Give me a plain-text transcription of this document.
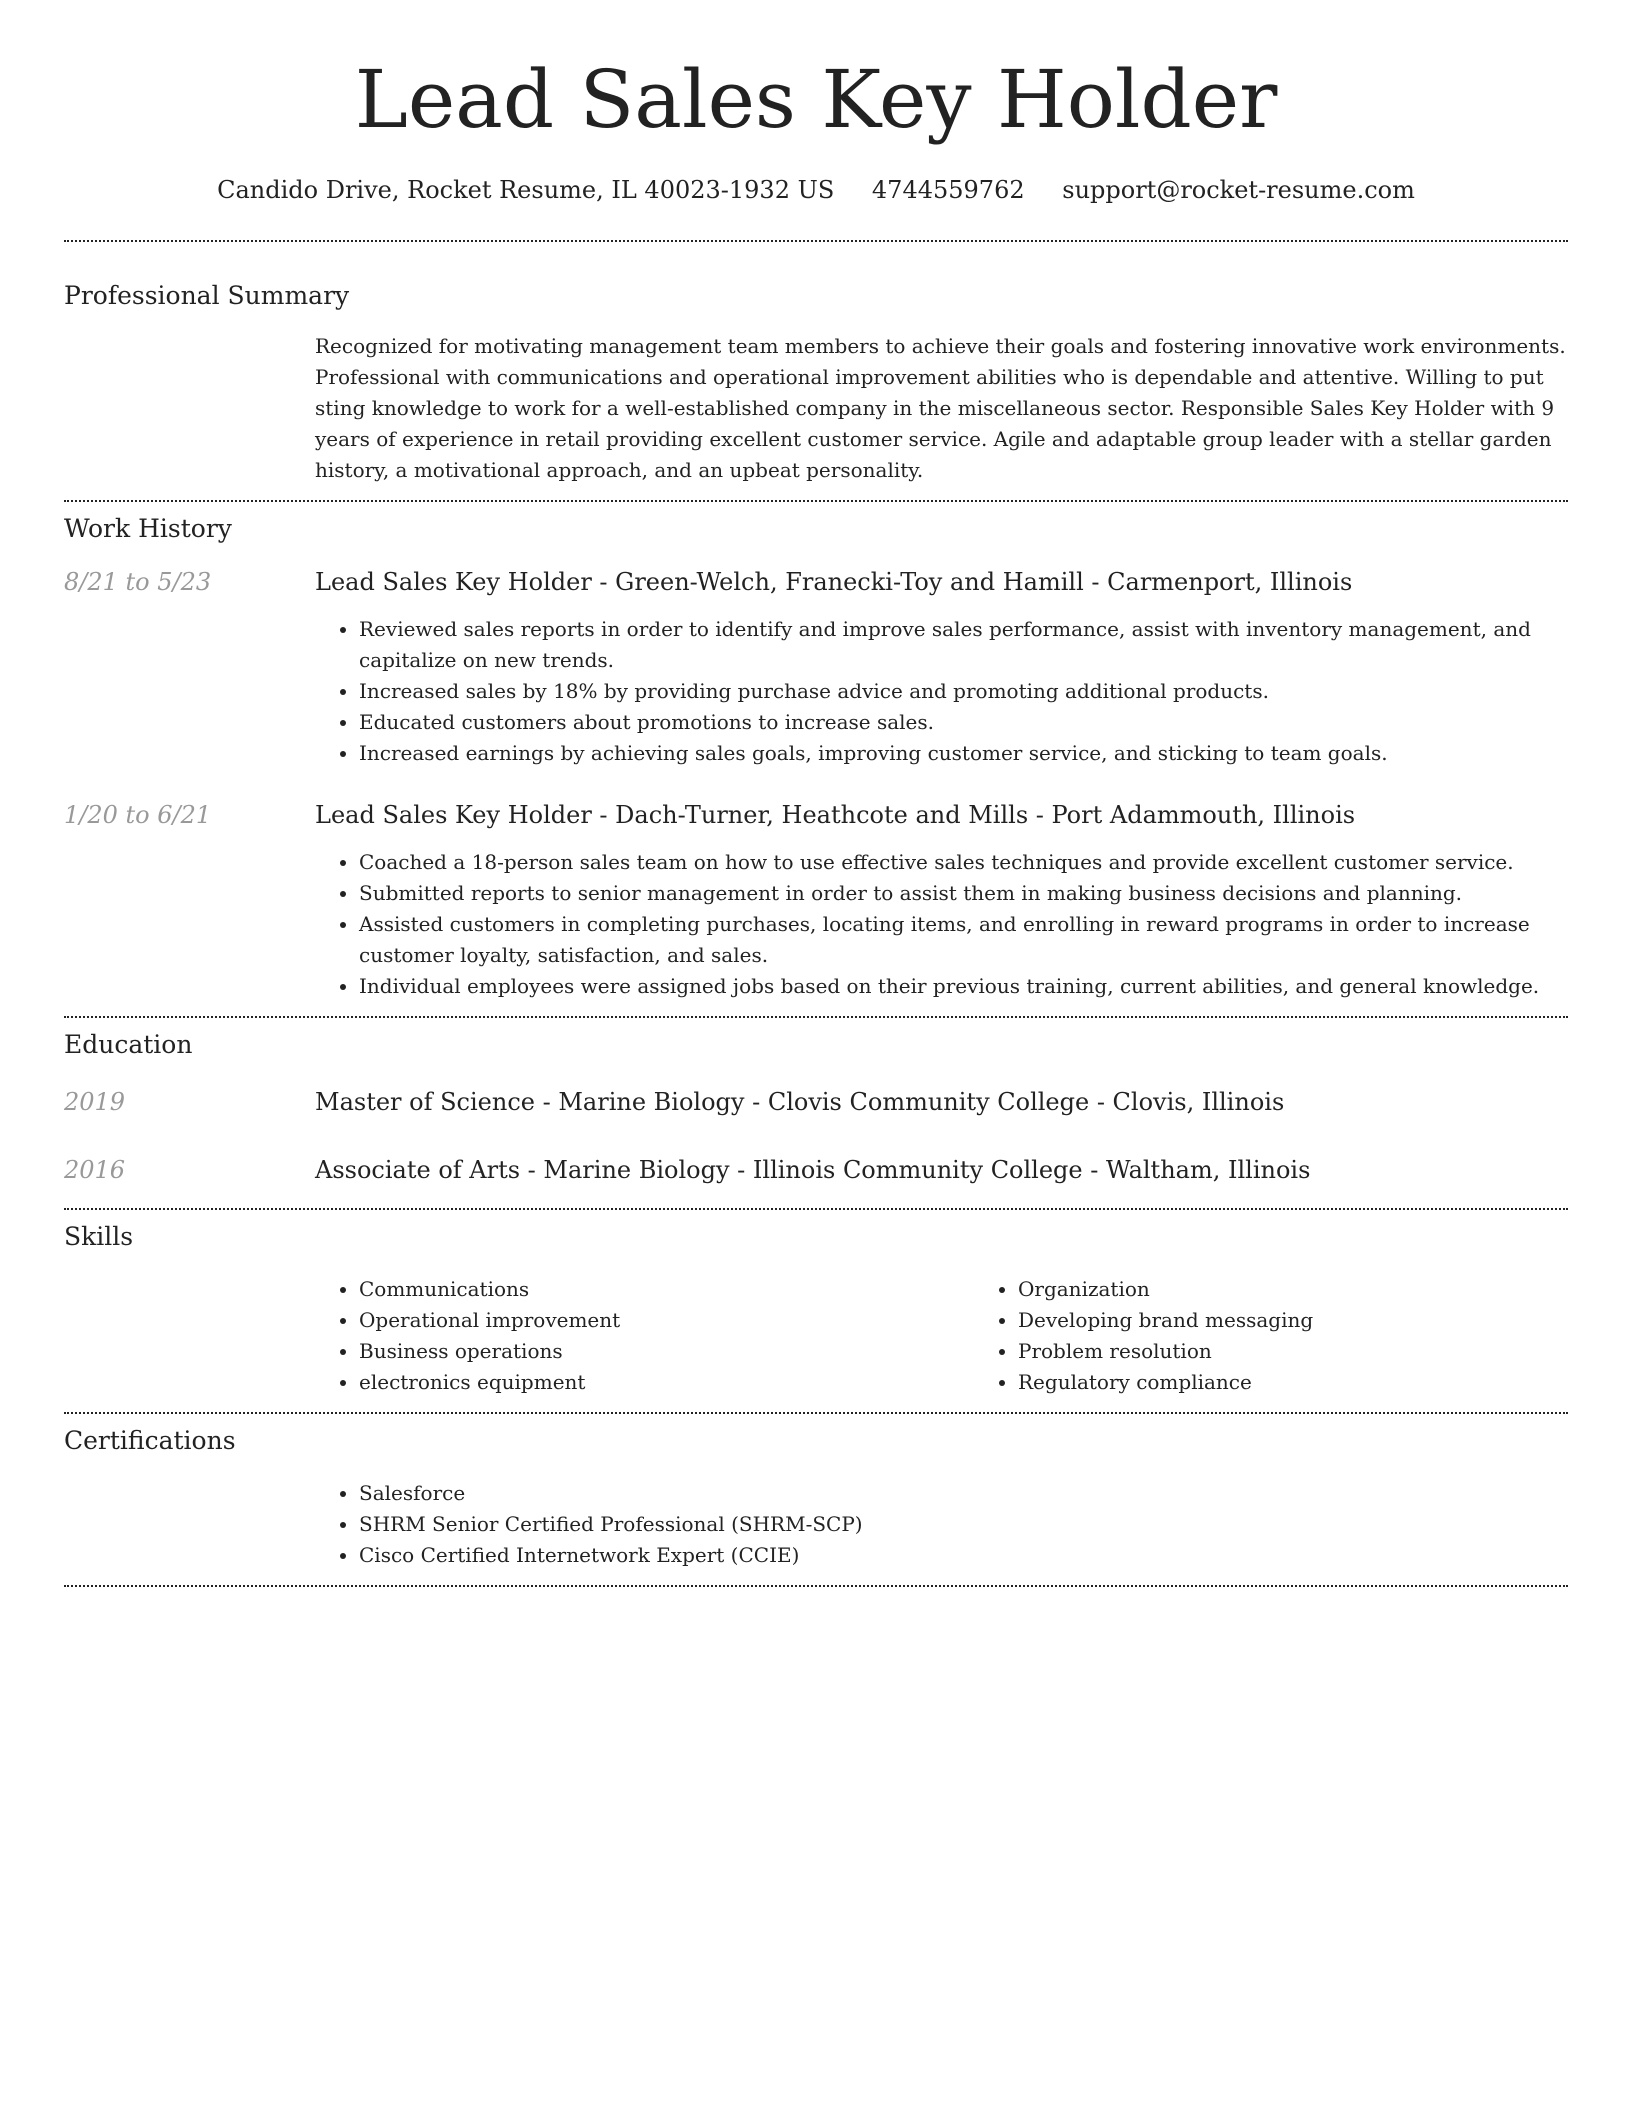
Lead Sales Key Holder
Candido Drive, Rocket Resume, IL 40023-1932 US 4744559762 support@rocket-resume.com
Professional Summary

Recognized for motivating management team members to achieve their goals and fostering innovative work environments. Professional with communications and operational improvement abilities who is dependable and attentive. Willing to put sting knowledge to work for a well-established company in the miscellaneous sector. Responsible Sales Key Holder with 9 years of experience in retail providing excellent customer service. Agile and adaptable group leader with a stellar garden history, a motivational approach, and an upbeat personality.

Work History
8/21 to 5/23	Lead Sales Key Holder - Green-Welch, Franecki-Toy and Hamill - Carmenport, Illinois
• Reviewed sales reports in order to identify and improve sales performance, assist with inventory management, and capitalize on new trends.
• Increased sales by 18% by providing purchase advice and promoting additional products.
• Educated customers about promotions to increase sales.
• Increased earnings by achieving sales goals, improving customer service, and sticking to team goals.
1/20 to 6/21	Lead Sales Key Holder - Dach-Turner, Heathcote and Mills - Port Adammouth, Illinois
• Coached a 18-person sales team on how to use effective sales techniques and provide excellent customer service.
• Submitted reports to senior management in order to assist them in making business decisions and planning.
• Assisted customers in completing purchases, locating items, and enrolling in reward programs in order to increase customer loyalty, satisfaction, and sales.
• Individual employees were assigned jobs based on their previous training, current abilities, and general knowledge.
Education
2019	Master of Science - Marine Biology - Clovis Community College - Clovis, Illinois
2016	Associate of Arts - Marine Biology - Illinois Community College - Waltham, Illinois
Skills
• Communications
• Operational improvement
• Business operations
• electronics equipment
• Organization
• Developing brand messaging
• Problem resolution
• Regulatory compliance
Certifications
• Salesforce
• SHRM Senior Certified Professional (SHRM-SCP)
• Cisco Certified Internetwork Expert (CCIE)
